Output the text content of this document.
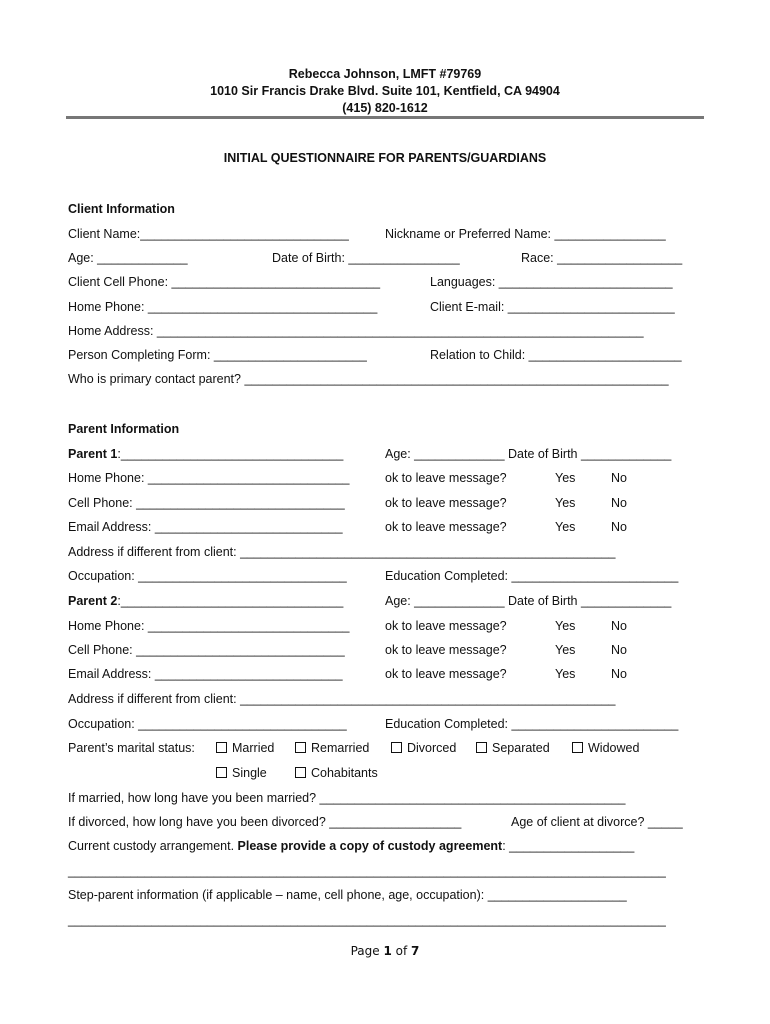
Rebecca Johnson, LMFT #79769
1010 Sir Francis Drake Blvd. Suite 101, Kentfield, CA 94904
(415) 820-1612
INITIAL QUESTIONNAIRE FOR PARENTS/GUARDIANS
Client Information
Client Name:______________________________	Nickname or Preferred Name: ________________
Age: _____________	Date of Birth: ________________	Race: __________________
Client Cell Phone: ______________________________	Languages: _________________________
Home Phone: _________________________________	Client E-mail: ________________________
Home Address: ______________________________________________________________________
Person Completing Form: ______________________	Relation to Child: ______________________
Who is primary contact parent? _____________________________________________________________
Parent Information
Parent 1:________________________________	Age: _____________ Date of Birth _____________
Home Phone: _____________________________	ok to leave message?	Yes	No
Cell Phone: ______________________________	ok to leave message?	Yes	No
Email Address: ___________________________	ok to leave message?	Yes	No
Address if different from client: ______________________________________________________
Occupation: ______________________________	Education Completed: ________________________
Parent 2:________________________________	Age: _____________ Date of Birth _____________
Home Phone: _____________________________	ok to leave message?	Yes	No
Cell Phone: ______________________________	ok to leave message?	Yes	No
Email Address: ___________________________	ok to leave message?	Yes	No
Address if different from client: ______________________________________________________
Occupation: ______________________________	Education Completed: ________________________
Parent’s marital status:	Married	Remarried	Divorced	Separated	Widowed
Single	Cohabitants
If married, how long have you been married? ____________________________________________
If divorced, how long have you been divorced? ___________________	Age of client at divorce? _____
Current custody arrangement. Please provide a copy of custody agreement: __________________
______________________________________________________________________________________
Step-parent information (if applicable – name, cell phone, age, occupation): ____________________
______________________________________________________________________________________
Page 1 of 7
